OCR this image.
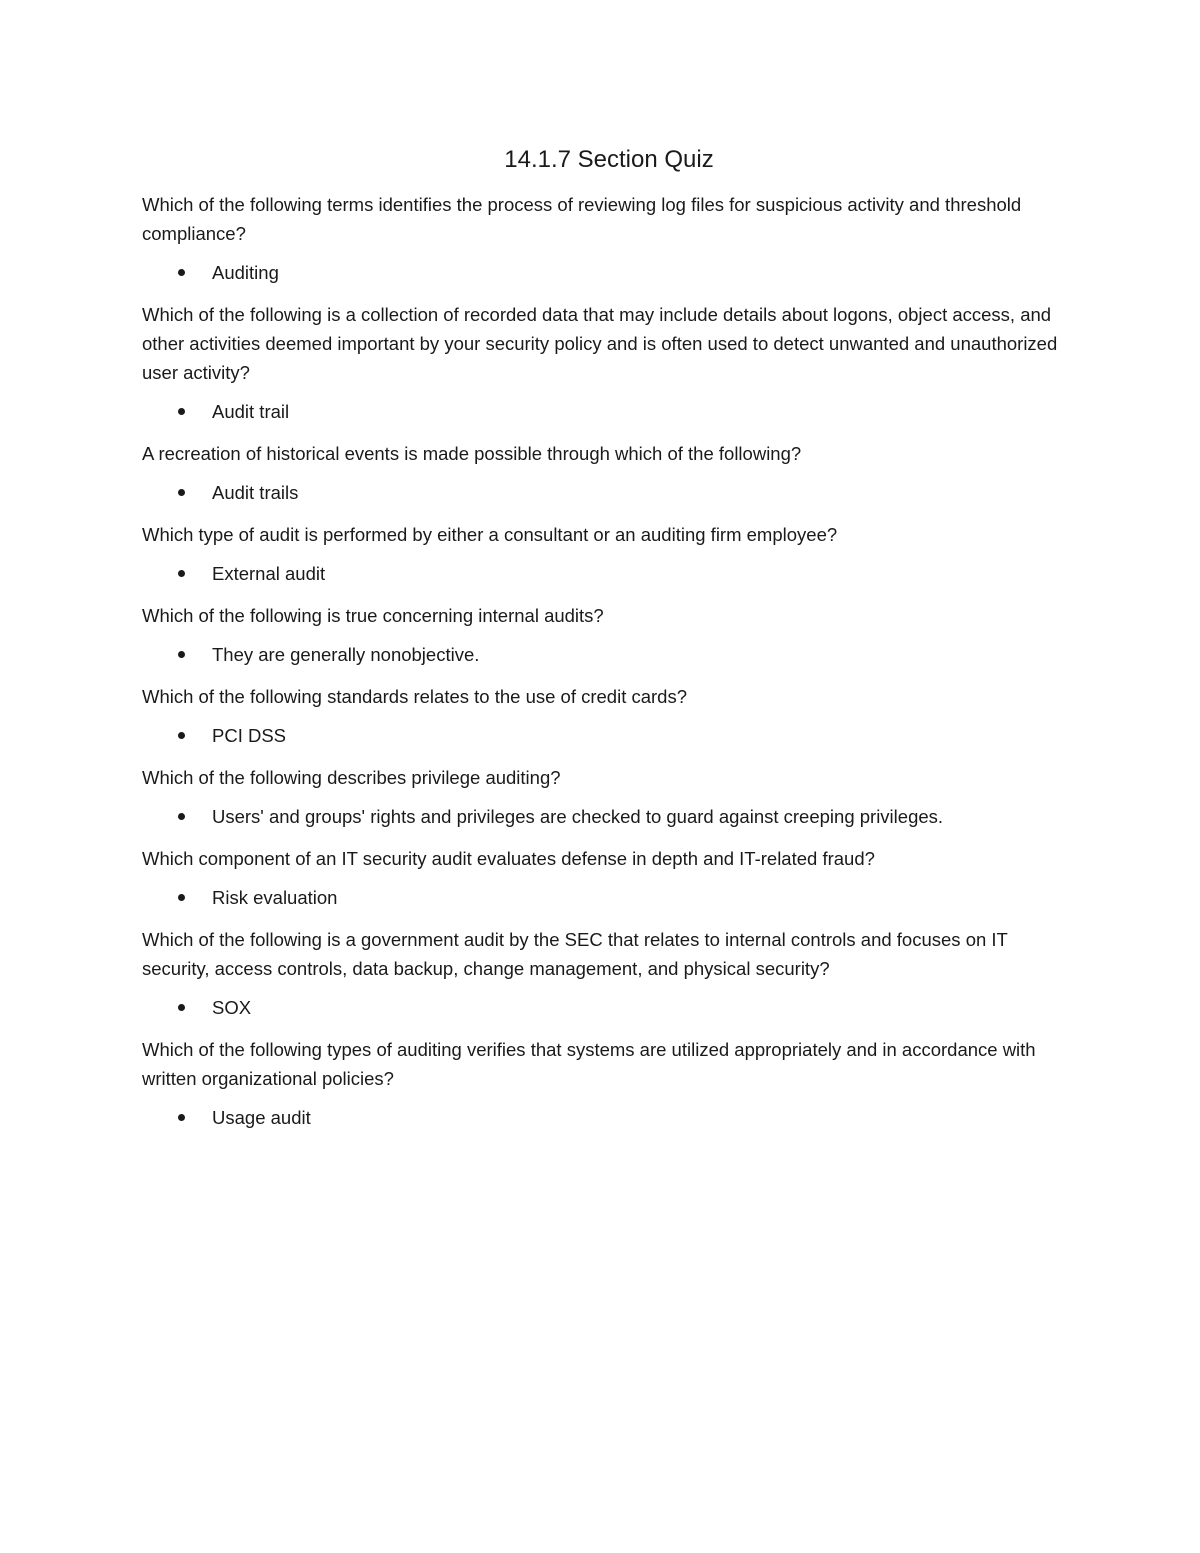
14.1.7 Section Quiz

Which of the following terms identifies the process of reviewing log files for suspicious activity and threshold compliance?

Auditing

Which of the following is a collection of recorded data that may include details about logons, object access, and other activities deemed important by your security policy and is often used to detect unwanted and unauthorized user activity?

Audit trail

A recreation of historical events is made possible through which of the following?

Audit trails

Which type of audit is performed by either a consultant or an auditing firm employee?

External audit

Which of the following is true concerning internal audits?

They are generally nonobjective.

Which of the following standards relates to the use of credit cards?

PCI DSS

Which of the following describes privilege auditing?

Users' and groups' rights and privileges are checked to guard against creeping privileges.

Which component of an IT security audit evaluates defense in depth and IT-related fraud?

Risk evaluation

Which of the following is a government audit by the SEC that relates to internal controls and focuses on IT security, access controls, data backup, change management, and physical security?

SOX

Which of the following types of auditing verifies that systems are utilized appropriately and in accordance with written organizational policies?

Usage audit
